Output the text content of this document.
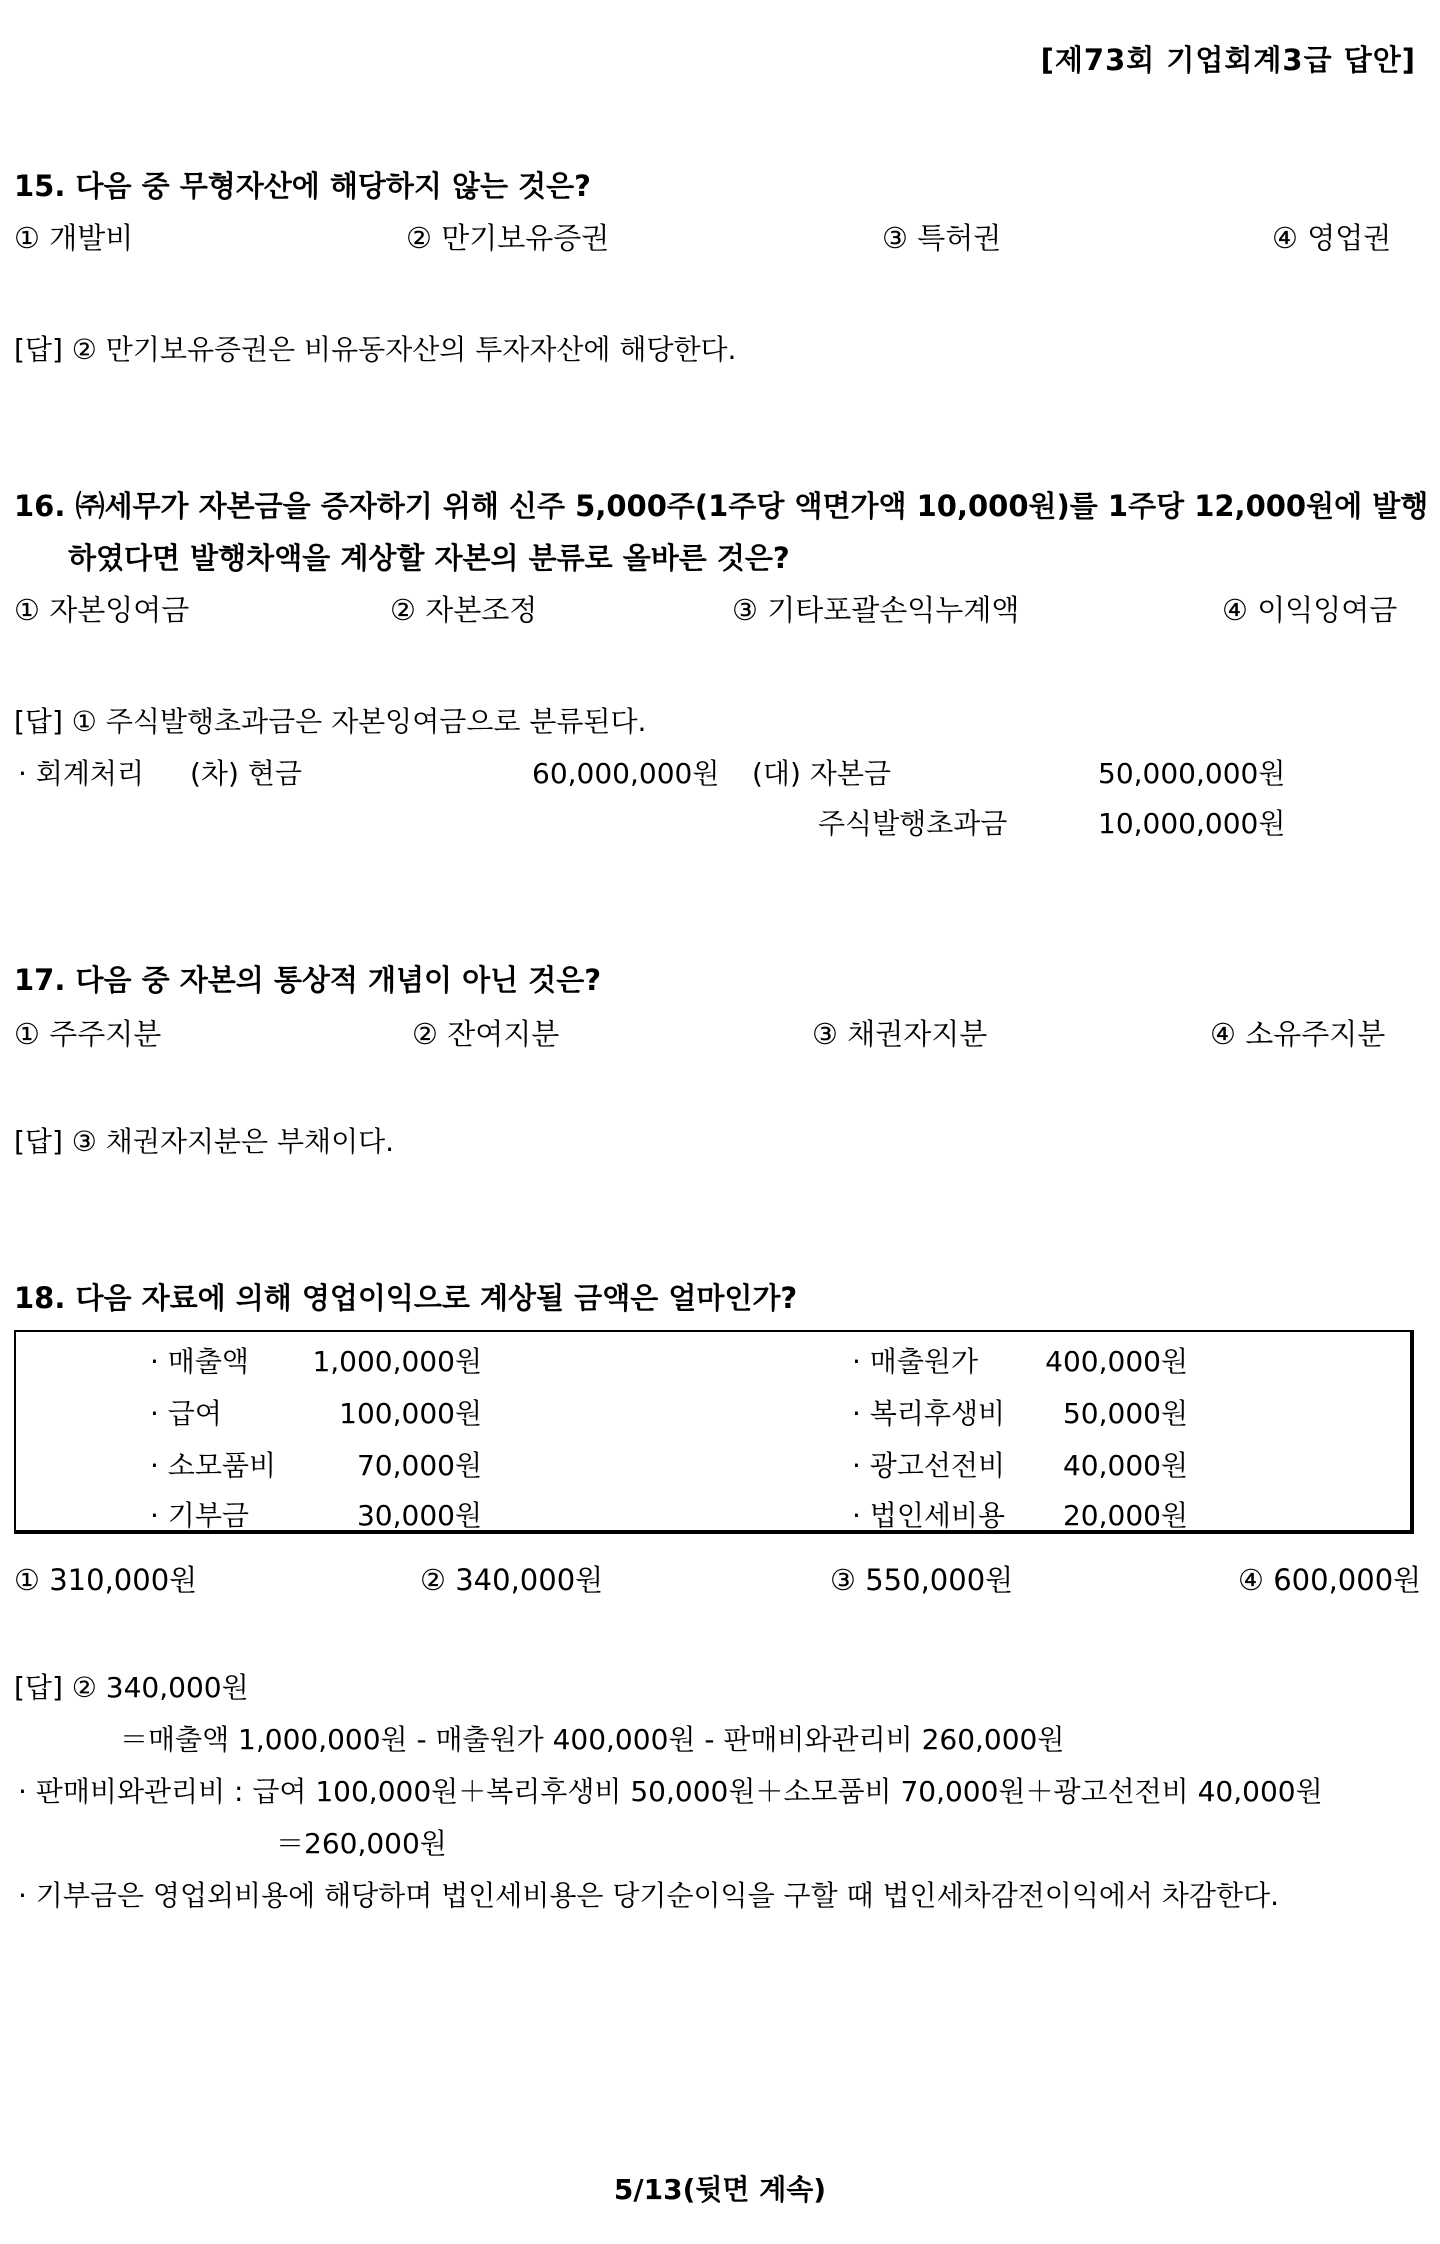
[제73회 기업회계3급 답안]
15. 다음 중 무형자산에 해당하지 않는 것은?
① 개발비	② 만기보유증권	③ 특허권	④ 영업권
[답] ② 만기보유증권은 비유동자산의 투자자산에 해당한다.
16. ㈜세무가 자본금을 증자하기 위해 신주 5,000주(1주당 액면가액 10,000원)를 1주당 12,000원에 발행
하였다면 발행차액을 계상할 자본의 분류로 올바른 것은?
① 자본잉여금	② 자본조정	③ 기타포괄손익누계액	④ 이익잉여금
[답] ① 주식발행초과금은 자본잉여금으로 분류된다.
· 회계처리 (차) 현금	60,000,000원 (대) 자본금	50,000,000원
주식발행초과금	10,000,000원
17. 다음 중 자본의 통상적 개념이 아닌 것은?
① 주주지분	② 잔여지분	③ 채권자지분	④ 소유주지분
[답] ③ 채권자지분은 부채이다.
18. 다음 자료에 의해 영업이익으로 계상될 금액은 얼마인가?
· 매출액 1,000,000원	· 매출원가	400,000원
· 급여	100,000원	· 복리후생비	50,000원
· 소모품비	70,000원	· 광고선전비	40,000원
· 기부금	30,000원	· 법인세비용	20,000원
① 310,000원	② 340,000원	③ 550,000원	④ 600,000원
[답] ② 340,000원
＝매출액 1,000,000원 - 매출원가 400,000원 - 판매비와관리비 260,000원
· 판매비와관리비 : 급여 100,000원＋복리후생비 50,000원＋소모품비 70,000원＋광고선전비 40,000원
＝260,000원
· 기부금은 영업외비용에 해당하며 법인세비용은 당기순이익을 구할 때 법인세차감전이익에서 차감한다.
5/13(뒷면 계속)
